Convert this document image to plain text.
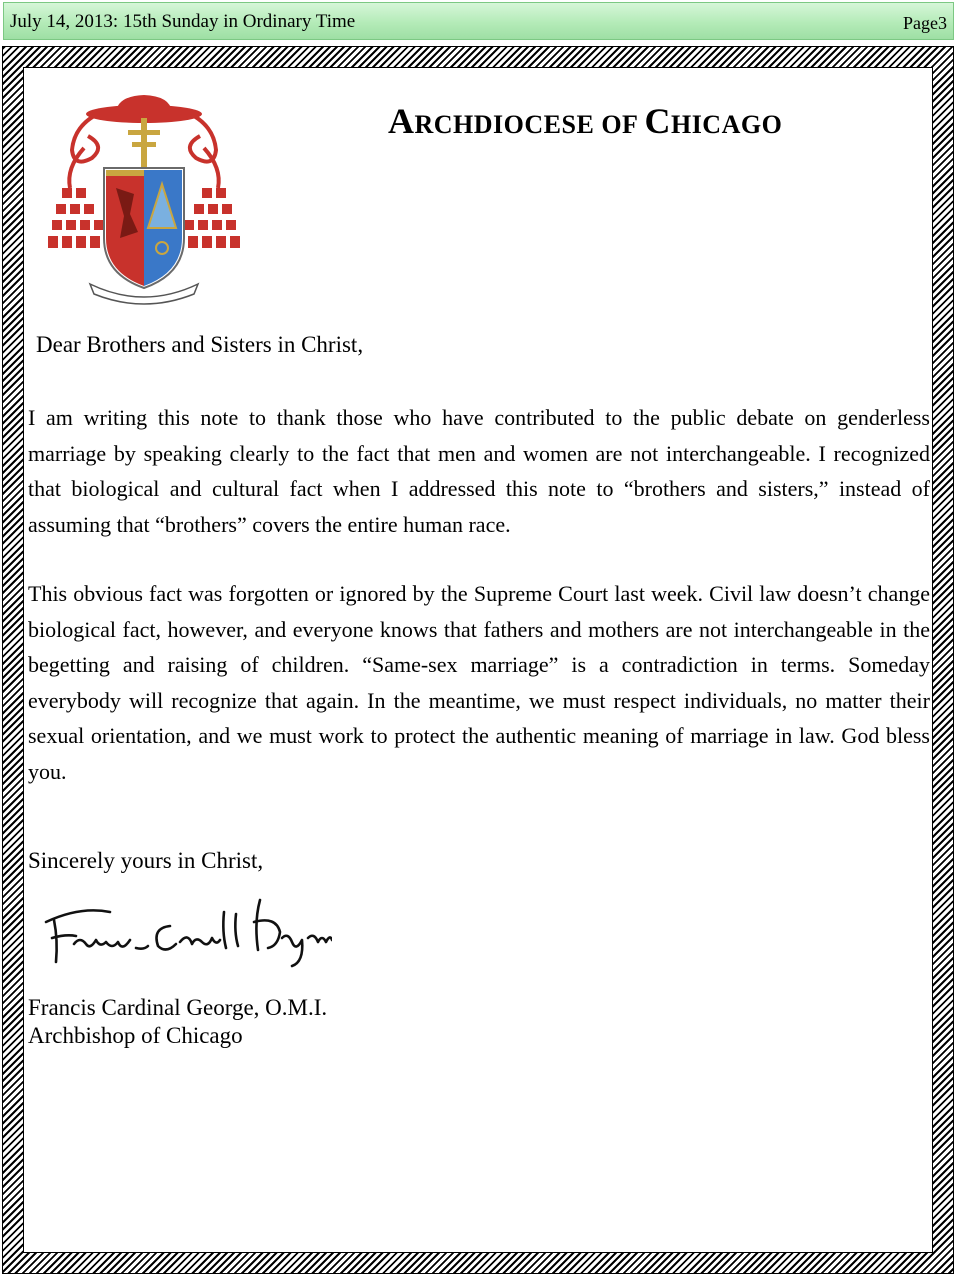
July 14, 2013: 15th Sunday in Ordinary Time	Page3
ARCHDIOCESE OF CHICAGO
Dear Brothers and Sisters in Christ,
I am writing this note to thank those who have contributed to the public debate on genderless marriage by speaking clearly to the fact that men and women are not interchangeable. I recognized that biological and cultural fact when I addressed this note to “brothers and sisters,” instead of assuming that “brothers” covers the entire human race.
This obvious fact was forgotten or ignored by the Supreme Court last week. Civil law doesn’t change biological fact, however, and everyone knows that fathers and mothers are not interchangeable in the begetting and raising of children. “Same-sex marriage” is a contradiction in terms. Someday everybody will recognize that again. In the meantime, we must respect individuals, no matter their sexual orientation, and we must work to protect the authentic meaning of marriage in law. God bless you.
Sincerely yours in Christ,
Francis Cardinal George, O.M.I.
Archbishop of Chicago
